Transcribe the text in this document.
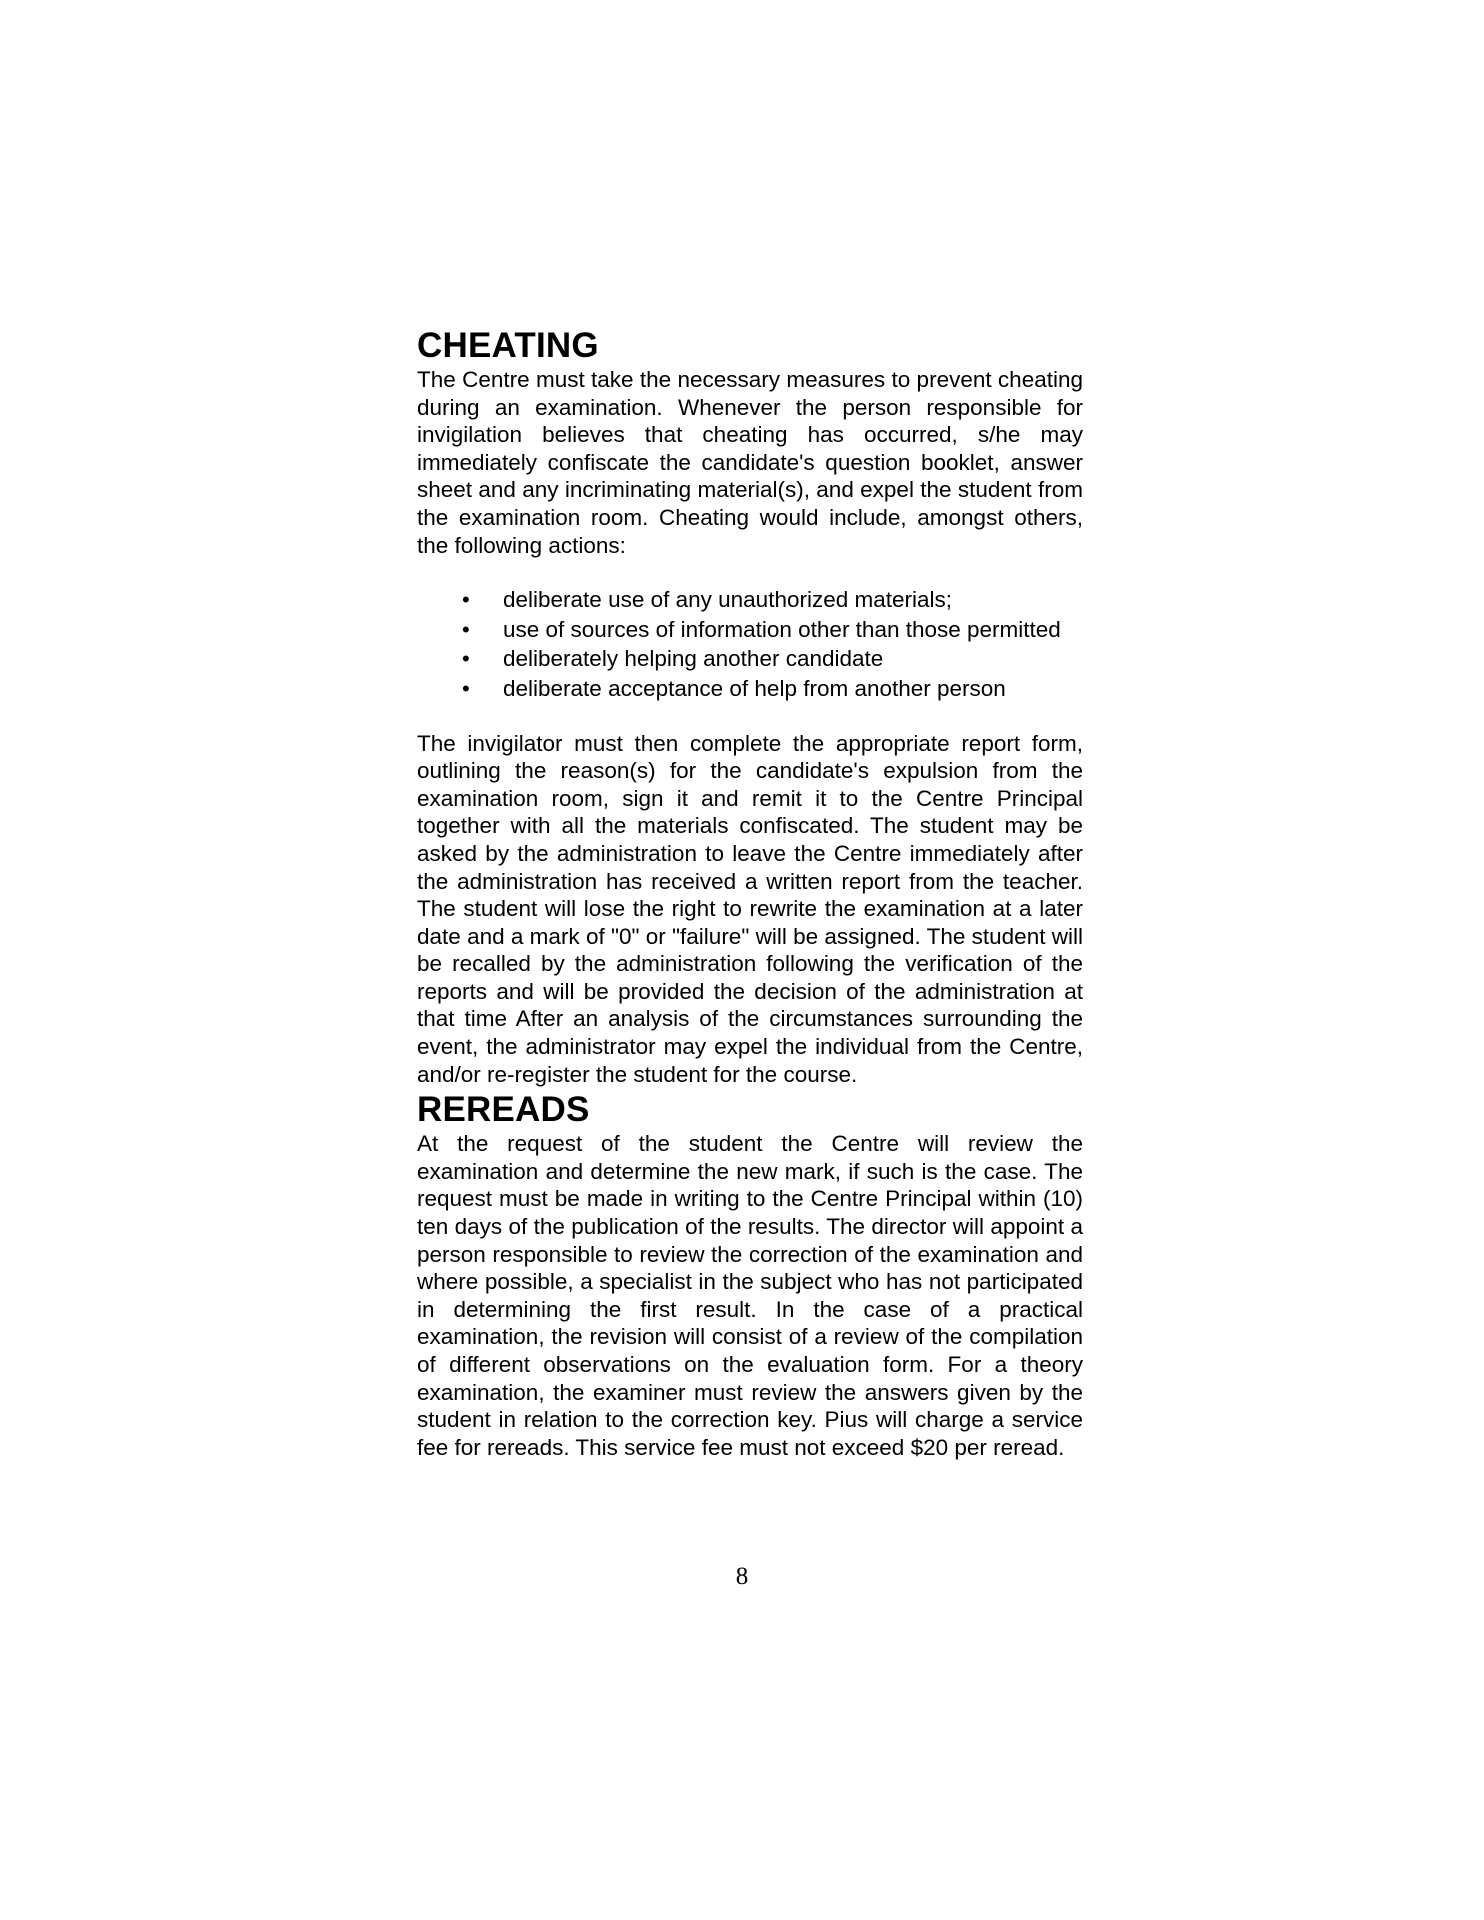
CHEATING

The Centre must take the necessary measures to prevent cheating during an examination. Whenever the person responsible for invigilation believes that cheating has occurred, s/he may immediately confiscate the candidate's question booklet, answer sheet and any incriminating material(s), and expel the student from the examination room. Cheating would include, amongst others, the following actions:

• deliberate use of any unauthorized materials;
• use of sources of information other than those permitted
• deliberately helping another candidate
• deliberate acceptance of help from another person

The invigilator must then complete the appropriate report form, outlining the reason(s) for the candidate's expulsion from the examination room, sign it and remit it to the Centre Principal together with all the materials confiscated. The student may be asked by the administration to leave the Centre immediately after the administration has received a written report from the teacher. The student will lose the right to rewrite the examination at a later date and a mark of "0" or "failure" will be assigned. The student will be recalled by the administration following the verification of the reports and will be provided the decision of the administration at that time After an analysis of the circumstances surrounding the event, the administrator may expel the individual from the Centre, and/or re-register the student for the course.

REREADS

At the request of the student the Centre will review the examination and determine the new mark, if such is the case. The request must be made in writing to the Centre Principal within (10) ten days of the publication of the results. The director will appoint a person responsible to review the correction of the examination and where possible, a specialist in the subject who has not participated in determining the first result. In the case of a practical examination, the revision will consist of a review of the compilation of different observations on the evaluation form. For a theory examination, the examiner must review the answers given by the student in relation to the correction key. Pius will charge a service fee for rereads. This service fee must not exceed $20 per reread.

8
